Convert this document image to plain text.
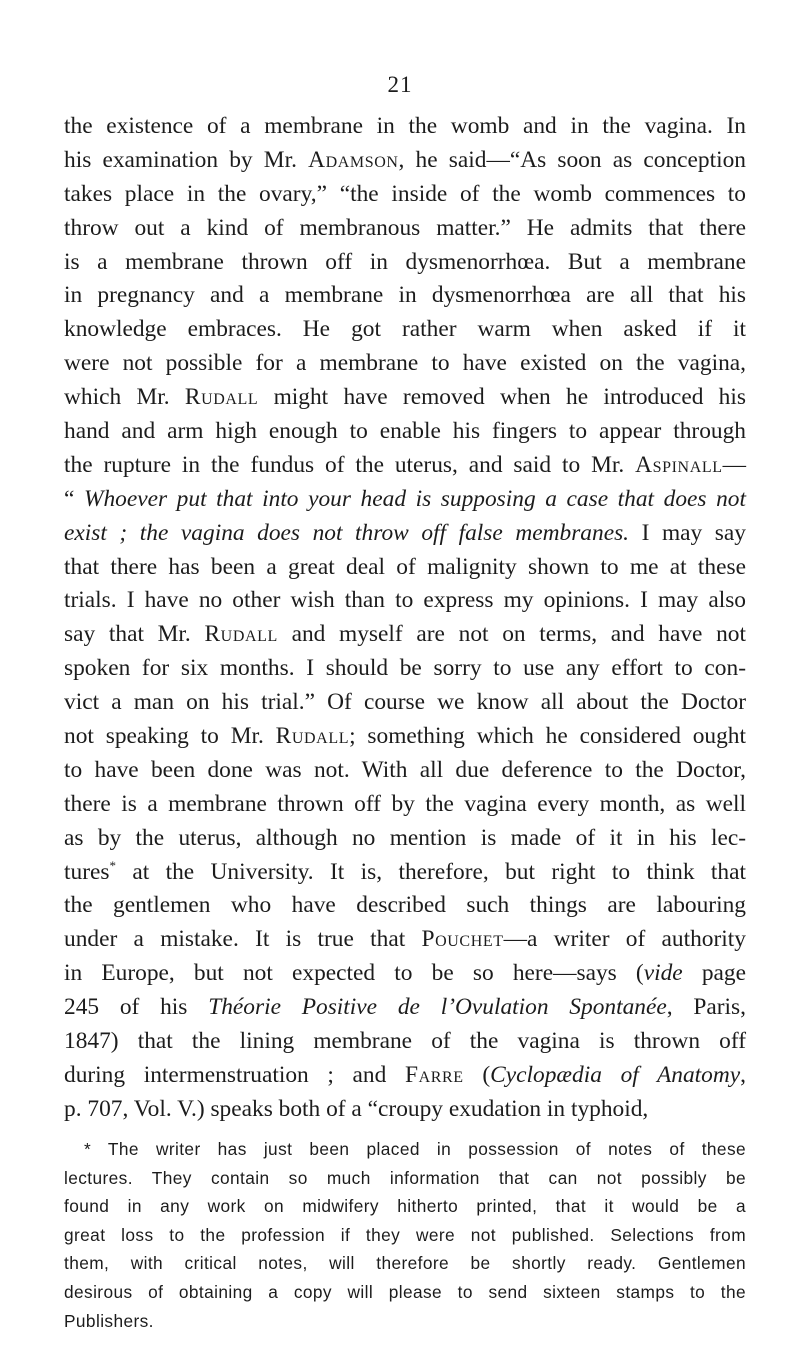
21
the existence of a membrane in the womb and in the vagina. In
his examination by Mr. Adamson, he said—“As soon as conception
takes place in the ovary,” “the inside of the womb commences to
throw out a kind of membranous matter.” He admits that there
is a membrane thrown off in dysmenorrhœa. But a membrane
in pregnancy and a membrane in dysmenorrhœa are all that his
knowledge embraces. He got rather warm when asked if it
were not possible for a membrane to have existed on the vagina,
which Mr. Rudall might have removed when he introduced his
hand and arm high enough to enable his fingers to appear through
the rupture in the fundus of the uterus, and said to Mr. Aspinall—
“ Whoever put that into your head is supposing a case that does not
exist ; the vagina does not throw off false membranes. I may say
that there has been a great deal of malignity shown to me at these
trials. I have no other wish than to express my opinions. I may also
say that Mr. Rudall and myself are not on terms, and have not
spoken for six months. I should be sorry to use any effort to con-
vict a man on his trial.” Of course we know all about the Doctor
not speaking to Mr. Rudall; something which he considered ought
to have been done was not. With all due deference to the Doctor,
there is a membrane thrown off by the vagina every month, as well
as by the uterus, although no mention is made of it in his lec-
tures* at the University. It is, therefore, but right to think that
the gentlemen who have described such things are labouring
under a mistake. It is true that Pouchet—a writer of authority
in Europe, but not expected to be so here—says (vide page
245 of his Théorie Positive de l’Ovulation Spontanée, Paris,
1847) that the lining membrane of the vagina is thrown off
during intermenstruation ; and Farre (Cyclopædia of Anatomy,
p. 707, Vol. V.) speaks both of a “croupy exudation in typhoid,
* The writer has just been placed in possession of notes of these
lectures. They contain so much information that can not possibly be
found in any work on midwifery hitherto printed, that it would be a
great loss to the profession if they were not published. Selections from
them, with critical notes, will therefore be shortly ready. Gentlemen
desirous of obtaining a copy will please to send sixteen stamps to the
Publishers.
